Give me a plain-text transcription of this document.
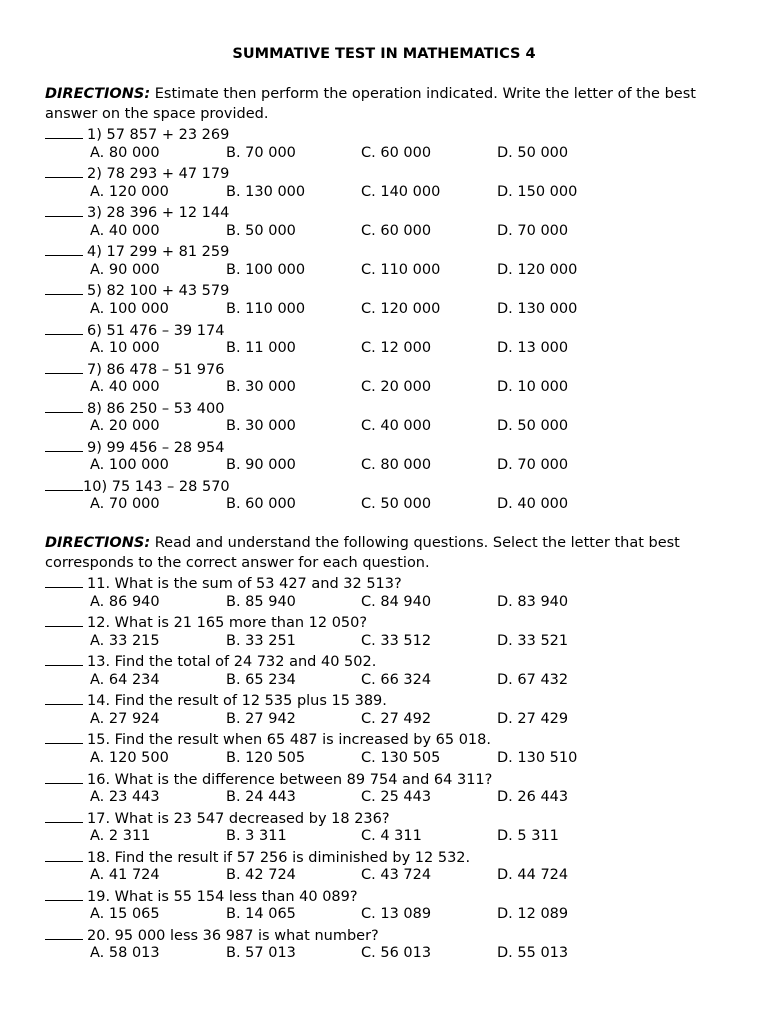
SUMMATIVE TEST IN MATHEMATICS 4
DIRECTIONS: Estimate then perform the operation indicated. Write the letter of the best answer on the space provided.
1) 57 857 + 23 269
A. 80 000	B. 70 000	C. 60 000	D. 50 000
2) 78 293 + 47 179
A. 120 000	B. 130 000	C. 140 000	D. 150 000
3) 28 396 + 12 144
A. 40 000	B. 50 000	C. 60 000	D. 70 000
4) 17 299 + 81 259
A. 90 000	B. 100 000	C. 110 000	D. 120 000
5) 82 100 + 43 579
A. 100 000	B. 110 000	C. 120 000	D. 130 000
6) 51 476 – 39 174
A. 10 000	B. 11 000	C. 12 000	D. 13 000
7) 86 478 – 51 976
A. 40 000	B. 30 000	C. 20 000	D. 10 000
8) 86 250 – 53 400
A. 20 000	B. 30 000	C. 40 000	D. 50 000
9) 99 456 – 28 954
A. 100 000	B. 90 000	C. 80 000	D. 70 000
10) 75 143 – 28 570
A. 70 000	B. 60 000	C. 50 000	D. 40 000
DIRECTIONS: Read and understand the following questions. Select the letter that best corresponds to the correct answer for each question.
11. What is the sum of 53 427 and 32 513?
A. 86 940	B. 85 940	C. 84 940	D. 83 940
12. What is 21 165 more than 12 050?
A. 33 215	B. 33 251	C. 33 512	D. 33 521
13. Find the total of 24 732 and 40 502.
A. 64 234	B. 65 234	C. 66 324	D. 67 432
14. Find the result of 12 535 plus 15 389.
A. 27 924	B. 27 942	C. 27 492	D. 27 429
15. Find the result when 65 487 is increased by 65 018.
A. 120 500	B. 120 505	C. 130 505	D. 130 510
16. What is the difference between 89 754 and 64 311?
A. 23 443	B. 24 443	C. 25 443	D. 26 443
17. What is 23 547 decreased by 18 236?
A. 2 311	B. 3 311	C. 4 311	D. 5 311
18. Find the result if 57 256 is diminished by 12 532.
A. 41 724	B. 42 724	C. 43 724	D. 44 724
19. What is 55 154 less than 40 089?
A. 15 065	B. 14 065	C. 13 089	D. 12 089
20. 95 000 less 36 987 is what number?
A. 58 013	B. 57 013	C. 56 013	D. 55 013
